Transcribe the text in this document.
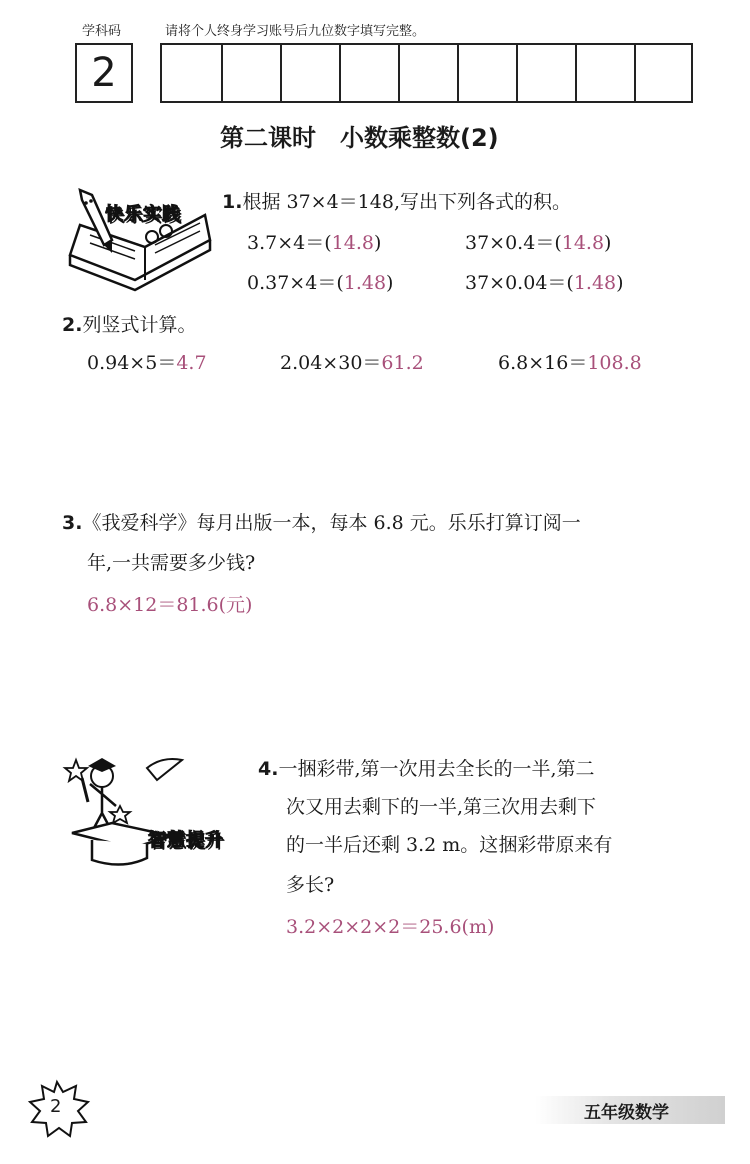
学科码	请将个人终身学习账号后九位数字填写完整。
2
第二课时　小数乘整数(2)
快乐实践
1.根据 37×4＝148,写出下列各式的积。
3.7×4＝(14.8)	37×0.4＝(14.8)
0.37×4＝(1.48)	37×0.04＝(1.48)
2.列竖式计算。
0.94×5＝4.7	2.04×30＝61.2	6.8×16＝108.8
3.《我爱科学》每月出版一本，每本 6.8 元。乐乐打算订阅一
年,一共需要多少钱?
6.8×12＝81.6(元)
智慧提升
4.一捆彩带,第一次用去全长的一半,第二
次又用去剩下的一半,第三次用去剩下
的一半后还剩 3.2 m。这捆彩带原来有
多长?
3.2×2×2×2＝25.6(m)
2	五年级数学
